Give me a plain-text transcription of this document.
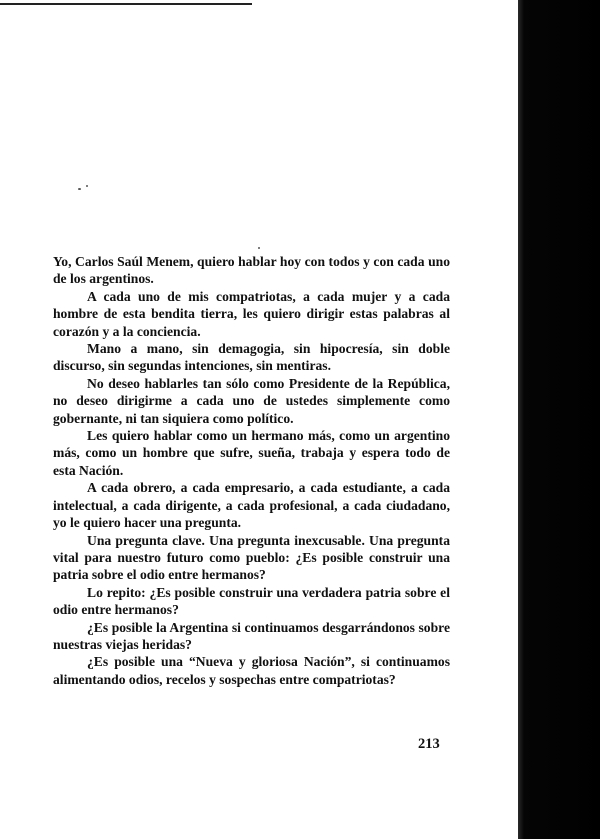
Yo, Carlos Saúl Menem, quiero hablar hoy con todos y con cada uno de los argentinos.

A cada uno de mis compatriotas, a cada mujer y a cada hombre de esta bendita tierra, les quiero dirigir estas palabras al corazón y a la conciencia.

Mano a mano, sin demagogia, sin hipocresía, sin doble discurso, sin segundas intenciones, sin mentiras.

No deseo hablarles tan sólo como Presidente de la República, no deseo dirigirme a cada uno de ustedes simplemente como gobernante, ni tan siquiera como político.

Les quiero hablar como un hermano más, como un argentino más, como un hombre que sufre, sueña, trabaja y espera todo de esta Nación.

A cada obrero, a cada empresario, a cada estudiante, a cada intelectual, a cada dirigente, a cada profesional, a cada ciudadano, yo le quiero hacer una pregunta.

Una pregunta clave. Una pregunta inexcusable. Una pregunta vital para nuestro futuro como pueblo: ¿Es posible construir una patria sobre el odio entre hermanos?

Lo repito: ¿Es posible construir una verdadera patria sobre el odio entre hermanos?

¿Es posible la Argentina si continuamos desgarrándonos sobre nuestras viejas heridas?

¿Es posible una “Nueva y gloriosa Nación”, si continuamos alimentando odios, recelos y sospechas entre compatriotas?

213
